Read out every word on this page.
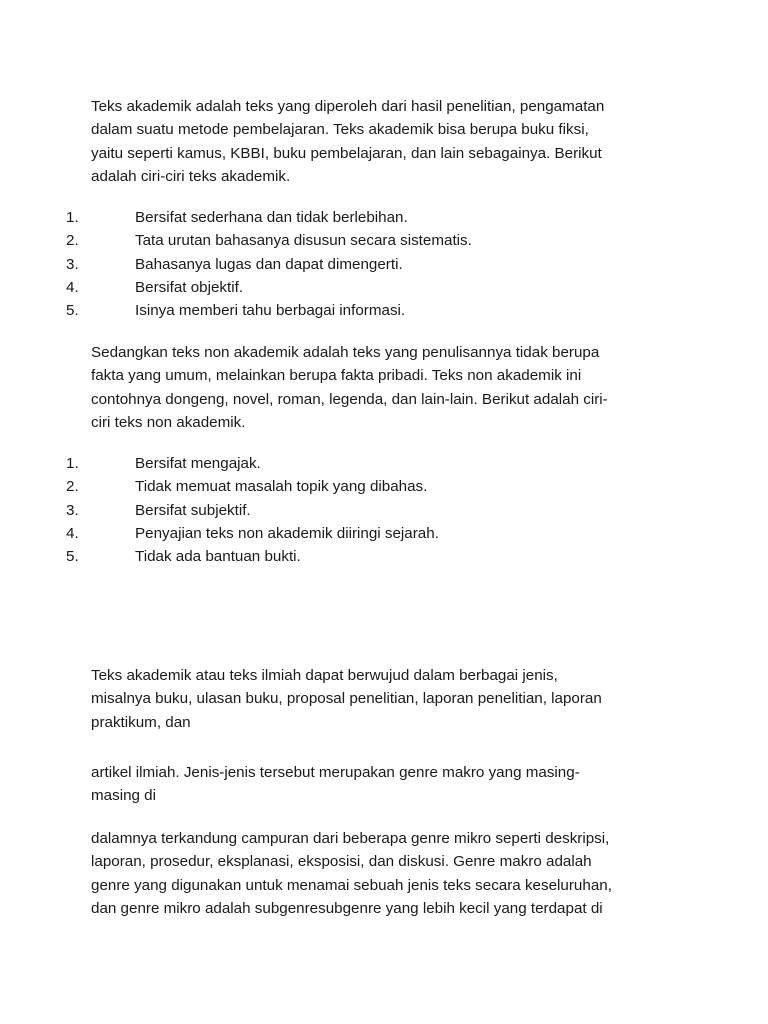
Teks akademik adalah teks yang diperoleh dari hasil penelitian, pengamatan
dalam suatu metode pembelajaran. Teks akademik bisa berupa buku fiksi,
yaitu seperti kamus, KBBI, buku pembelajaran, dan lain sebagainya. Berikut
adalah ciri-ciri teks akademik.

1.	Bersifat sederhana dan tidak berlebihan.
2.	Tata urutan bahasanya disusun secara sistematis.
3.	Bahasanya lugas dan dapat dimengerti.
4.	Bersifat objektif.
5.	Isinya memberi tahu berbagai informasi.

Sedangkan teks non akademik adalah teks yang penulisannya tidak berupa
fakta yang umum, melainkan berupa fakta pribadi. Teks non akademik ini
contohnya dongeng, novel, roman, legenda, dan lain-lain. Berikut adalah ciri-
ciri teks non akademik.

1.	Bersifat mengajak.
2.	Tidak memuat masalah topik yang dibahas.
3.	Bersifat subjektif.
4.	Penyajian teks non akademik diiringi sejarah.
5.	Tidak ada bantuan bukti.

Teks akademik atau teks ilmiah dapat berwujud dalam berbagai jenis,
misalnya buku, ulasan buku, proposal penelitian, laporan penelitian, laporan
praktikum, dan

artikel ilmiah. Jenis-jenis tersebut merupakan genre makro yang masing-
masing di

dalamnya terkandung campuran dari beberapa genre mikro seperti deskripsi,
laporan, prosedur, eksplanasi, eksposisi, dan diskusi. Genre makro adalah
genre yang digunakan untuk menamai sebuah jenis teks secara keseluruhan,
dan genre mikro adalah subgenresubgenre yang lebih kecil yang terdapat di
